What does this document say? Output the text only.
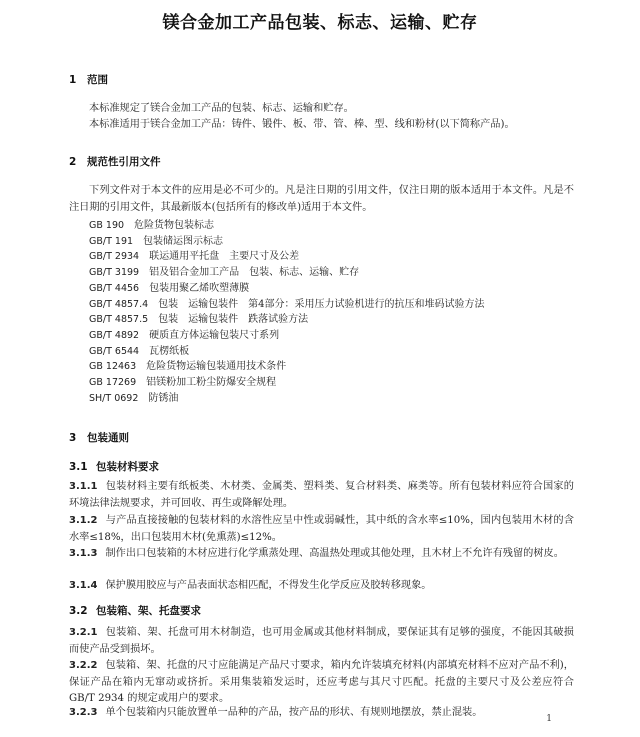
镁合金加工产品包装、标志、运输、贮存
1 范围
本标准规定了镁合金加工产品的包装、标志、运输和贮存。
本标准适用于镁合金加工产品：铸件、锻件、板、带、管、棒、型、线和粉材(以下简称产品)。
2 规范性引用文件
下列文件对于本文件的应用是必不可少的。凡是注日期的引用文件，仅注日期的版本适用于本文件。凡是不注日期的引用文件，其最新版本(包括所有的修改单)适用于本文件。
GB 190 危险货物包装标志
GB/T 191 包装储运图示标志
GB/T 2934 联运通用平托盘　主要尺寸及公差
GB/T 3199 铝及铝合金加工产品　包装、标志、运输、贮存
GB/T 4456 包装用聚乙烯吹塑薄膜
GB/T 4857.4 包装　运输包装件　第4部分：采用压力试验机进行的抗压和堆码试验方法
GB/T 4857.5 包装　运输包装件　跌落试验方法
GB/T 4892 硬质直方体运输包装尺寸系列
GB/T 6544 瓦楞纸板
GB 12463 危险货物运输包装通用技术条件
GB 17269 铝镁粉加工粉尘防爆安全规程
SH/T 0692 防锈油
3 包装通则
3.1 包装材料要求
3.1.1 包装材料主要有纸板类、木材类、金属类、塑料类、复合材料类、麻类等。所有包装材料应符合国家的环境法律法规要求，并可回收、再生或降解处理。
3.1.2 与产品直接接触的包装材料的水溶性应呈中性或弱碱性，其中纸的含水率≤10%，国内包装用木材的含水率≤18%，出口包装用木材(免熏蒸)≤12%。
3.1.3 制作出口包装箱的木材应进行化学熏蒸处理、高温热处理或其他处理，且木材上不允许有残留的树皮。
3.1.4 保护膜用胶应与产品表面状态相匹配，不得发生化学反应及胶转移现象。
3.2 包装箱、架、托盘要求
3.2.1 包装箱、架、托盘可用木材制造，也可用金属或其他材料制成，要保证其有足够的强度，不能因其破损而使产品受到损坏。
3.2.2 包装箱、架、托盘的尺寸应能满足产品尺寸要求，箱内允许装填充材料(内部填充材料不应对产品不利)，保证产品在箱内无窜动或挤折。采用集装箱发运时，还应考虑与其尺寸匹配。托盘的主要尺寸及公差应符合 GB/T 2934 的规定或用户的要求。
3.2.3 单个包装箱内只能放置单一品种的产品，按产品的形状、有规则地摆放，禁止混装。
1
